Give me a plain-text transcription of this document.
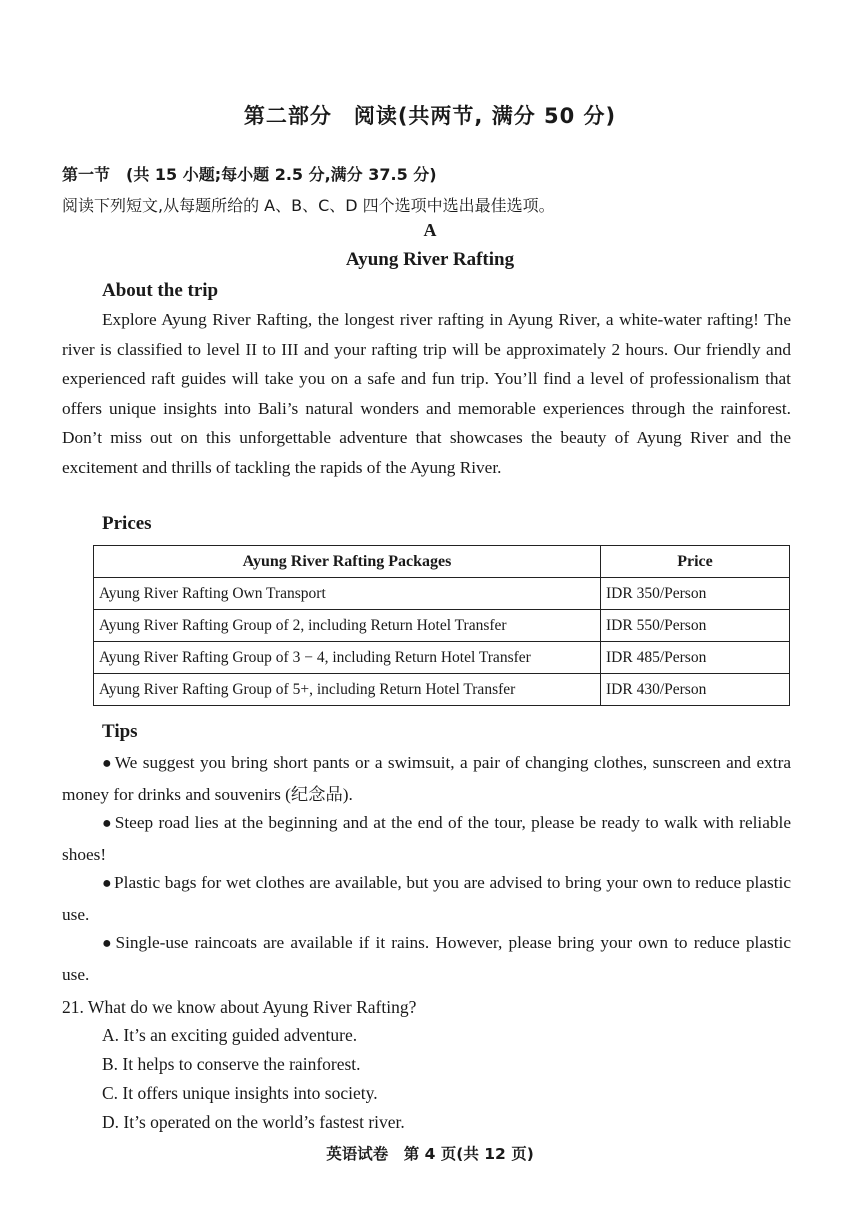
第二部分　阅读(共两节, 满分 50 分)
第一节　(共 15 小题;每小题 2.5 分,满分 37.5 分)
阅读下列短文,从每题所给的 A、B、C、D 四个选项中选出最佳选项。
A
Ayung River Rafting
About the trip
Explore Ayung River Rafting, the longest river rafting in Ayung River, a white-water rafting! The river is classified to level II to III and your rafting trip will be approximately 2 hours. Our friendly and experienced raft guides will take you on a safe and fun trip. You’ll find a level of professionalism that offers unique insights into Bali’s natural wonders and memorable experiences through the rainforest. Don’t miss out on this unforgettable adventure that showcases the beauty of Ayung River and the excitement and thrills of tackling the rapids of the Ayung River.
Prices
Ayung River Rafting Packages	Price
Ayung River Rafting Own Transport	IDR 350/Person
Ayung River Rafting Group of 2, including Return Hotel Transfer	IDR 550/Person
Ayung River Rafting Group of 3 − 4, including Return Hotel Transfer	IDR 485/Person
Ayung River Rafting Group of 5+, including Return Hotel Transfer	IDR 430/Person
Tips
● We suggest you bring short pants or a swimsuit, a pair of changing clothes, sunscreen and extra money for drinks and souvenirs (纪念品).
● Steep road lies at the beginning and at the end of the tour, please be ready to walk with reliable shoes!
● Plastic bags for wet clothes are available, but you are advised to bring your own to reduce plastic use.
● Single-use raincoats are available if it rains. However, please bring your own to reduce plastic use.
21. What do we know about Ayung River Rafting?
A. It’s an exciting guided adventure.
B. It helps to conserve the rainforest.
C. It offers unique insights into society.
D. It’s operated on the world’s fastest river.
英语试卷　第 4 页(共 12 页)
